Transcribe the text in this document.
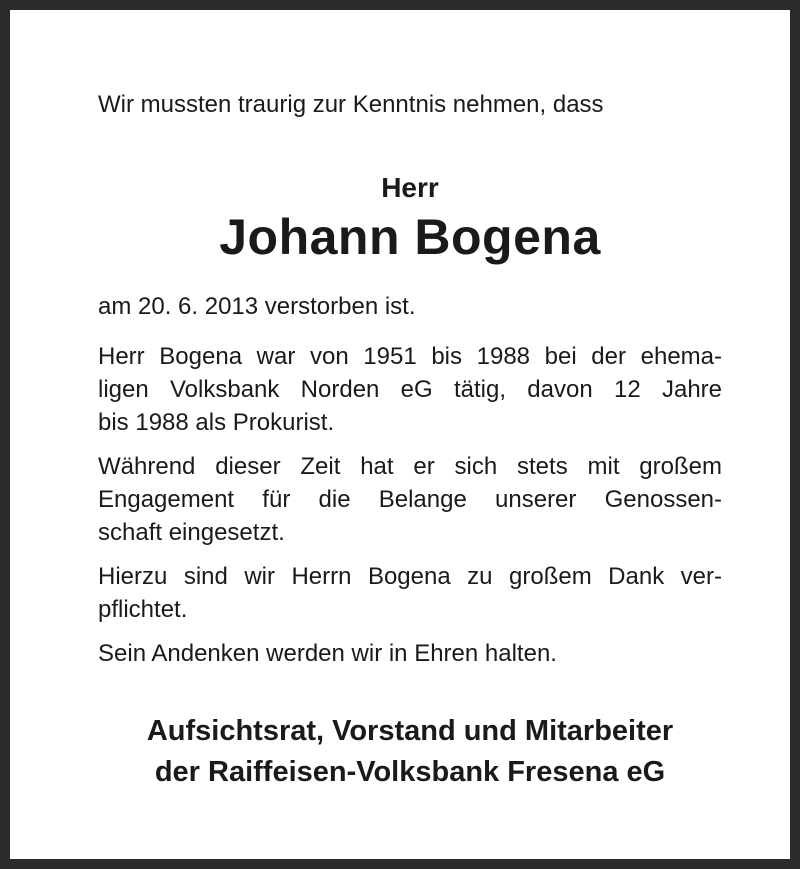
Wir mussten traurig zur Kenntnis nehmen, dass

Herr

Johann Bogena

am 20. 6. 2013 verstorben ist.

Herr Bogena war von 1951 bis 1988 bei der ehema-

ligen Volksbank Norden eG tätig, davon 12 Jahre

bis 1988 als Prokurist.

Während dieser Zeit hat er sich stets mit großem

Engagement für die Belange unserer Genossen-

schaft eingesetzt.

Hierzu sind wir Herrn Bogena zu großem Dank ver-

pflichtet.

Sein Andenken werden wir in Ehren halten.

Aufsichtsrat, Vorstand und Mitarbeiter

der Raiffeisen-Volksbank Fresena eG
